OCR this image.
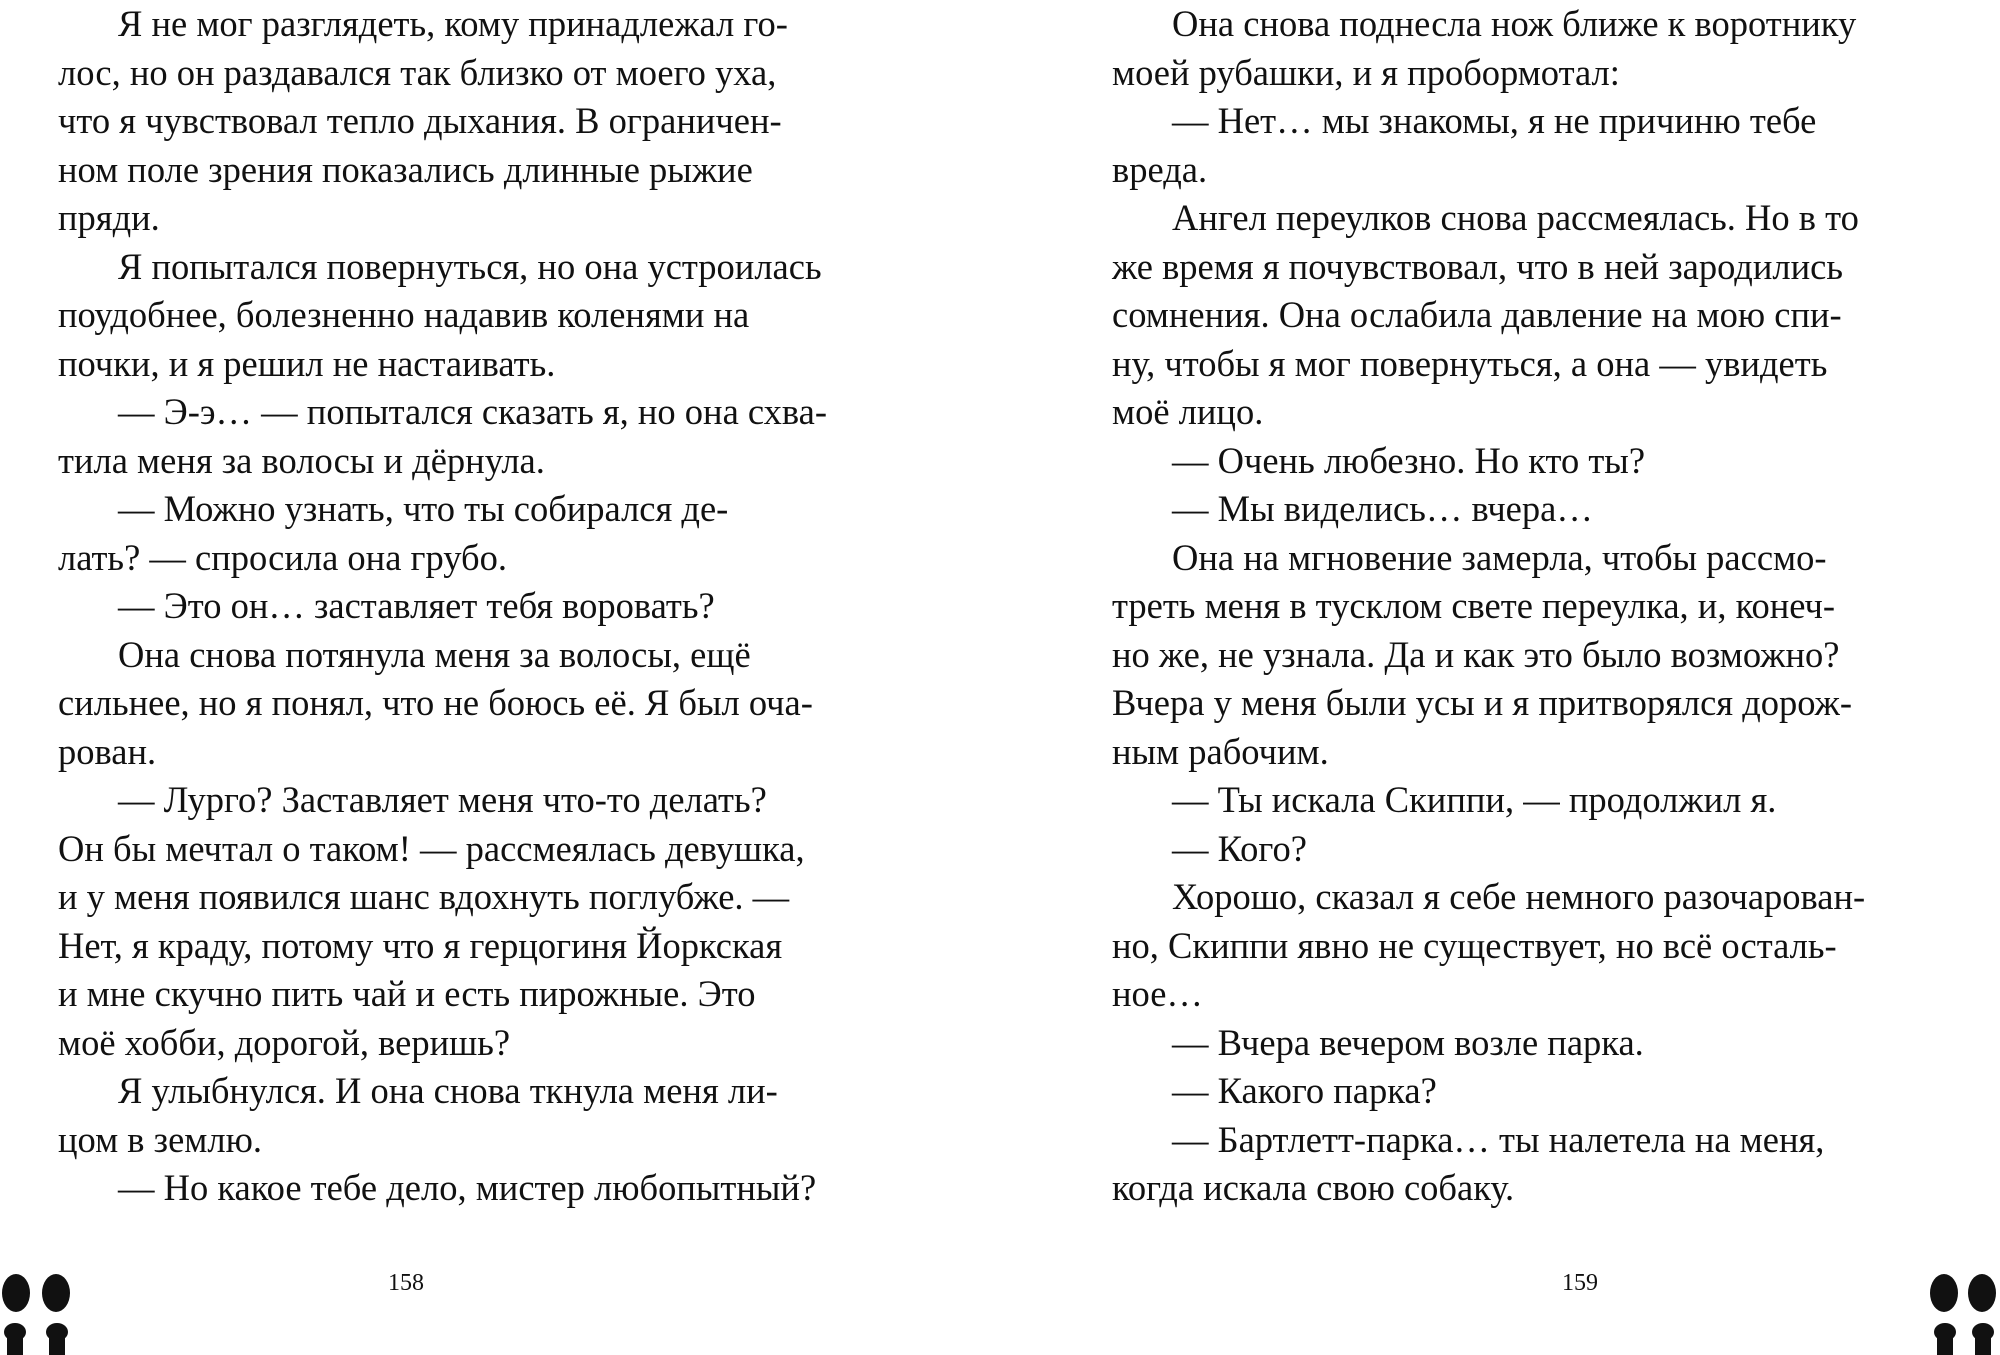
Я не мог разглядеть, кому принадлежал го-

лос, но он раздавался так близко от моего уха,

что я чувствовал тепло дыхания. В ограничен-

ном поле зрения показались длинные рыжие

пряди.

Я попытался повернуться, но она устроилась

поудобнее, болезненно надавив коленями на

почки, и я решил не настаивать.

— Э-э… — попытался сказать я, но она схва-

тила меня за волосы и дёрнула.

— Можно узнать, что ты собирался де-

лать? — спросила она грубо.

— Это он… заставляет тебя воровать?

Она снова потянула меня за волосы, ещё

сильнее, но я понял, что не боюсь её. Я был оча-

рован.

— Лурго? Заставляет меня что-то делать?

Он бы мечтал о таком! — рассмеялась девушка,

и у меня появился шанс вдохнуть поглубже. —

Нет, я краду, потому что я герцогиня Йоркская

и мне скучно пить чай и есть пирожные. Это

моё хобби, дорогой, веришь?

Я улыбнулся. И она снова ткнула меня ли-

цом в землю.

— Но какое тебе дело, мистер любопытный?

Она снова поднесла нож ближе к воротнику

моей рубашки, и я пробормотал:

— Нет… мы знакомы, я не причиню тебе

вреда.

Ангел переулков снова рассмеялась. Но в то

же время я почувствовал, что в ней зародились

сомнения. Она ослабила давление на мою спи-

ну, чтобы я мог повернуться, а она — увидеть

моё лицо.

— Очень любезно. Но кто ты?

— Мы виделись… вчера…

Она на мгновение замерла, чтобы рассмо-

треть меня в тусклом свете переулка, и, конеч-

но же, не узнала. Да и как это было возможно?

Вчера у меня были усы и я притворялся дорож-

ным рабочим.

— Ты искала Скиппи, — продолжил я.

— Кого?

Хорошо, сказал я себе немного разочарован-

но, Скиппи явно не существует, но всё осталь-

ное…

— Вчера вечером возле парка.

— Какого парка?

— Бартлетт-парка… ты налетела на меня,

когда искала свою собаку.

158	159
